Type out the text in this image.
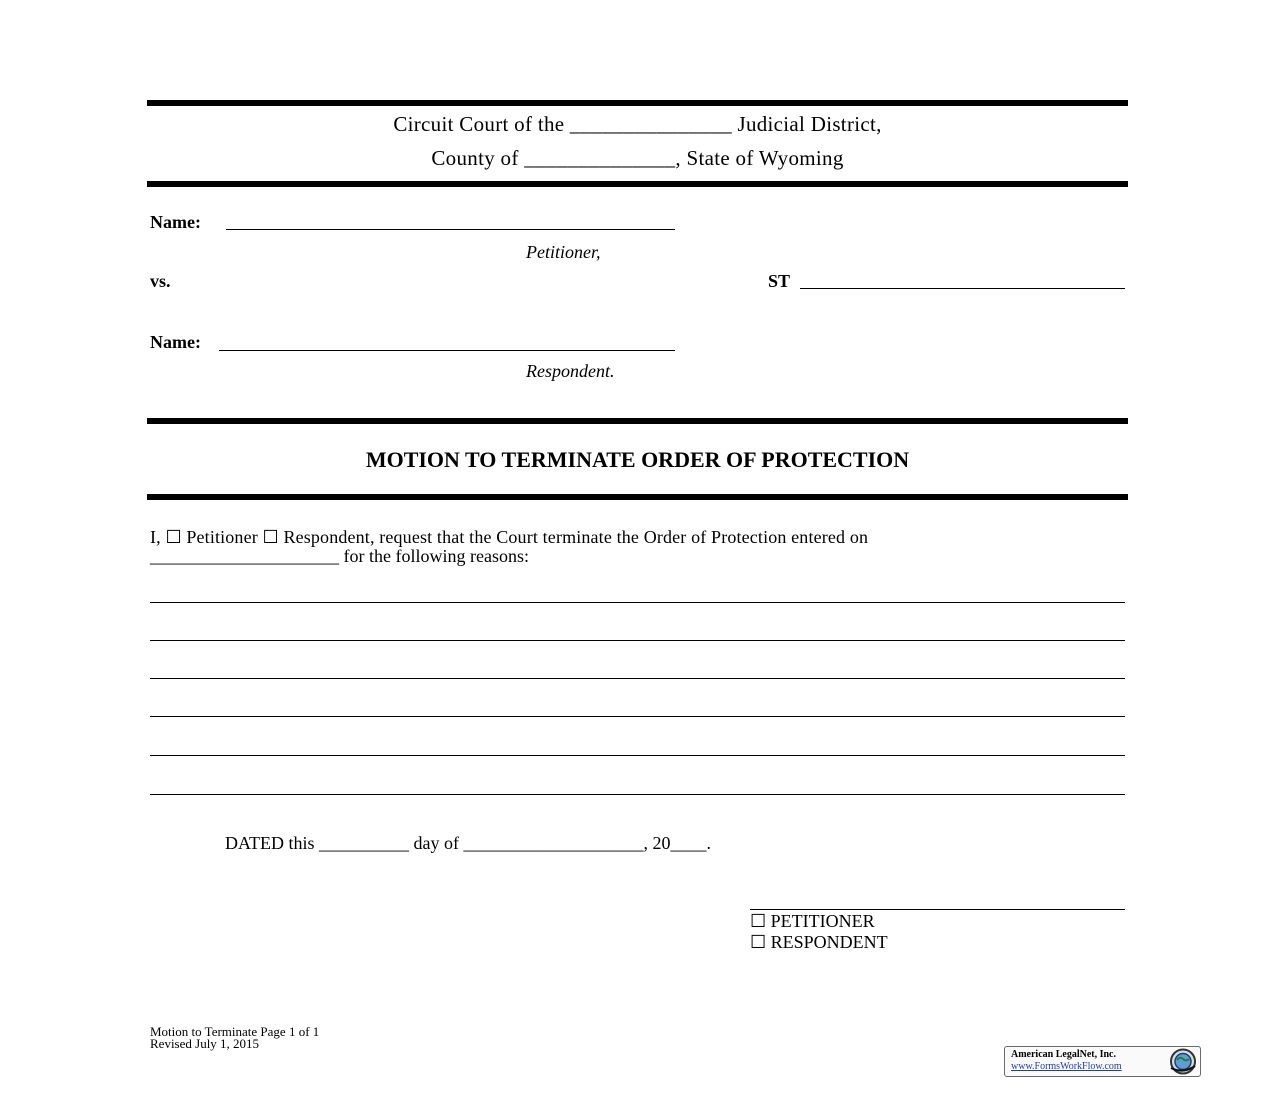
Circuit Court of the _______________ Judicial District,
County of ______________, State of Wyoming
Name:
Petitioner,
vs.	ST
Name:
Respondent.
MOTION TO TERMINATE ORDER OF PROTECTION
I, ☐ Petitioner ☐ Respondent, request that the Court terminate the Order of Protection entered on
_____________________ for the following reasons:
DATED this __________ day of ____________________, 20____.
☐ PETITIONER
☐ RESPONDENT
Motion to Terminate Page 1 of 1
Revised July 1, 2015
American LegalNet, Inc.
www.FormsWorkFlow.com
